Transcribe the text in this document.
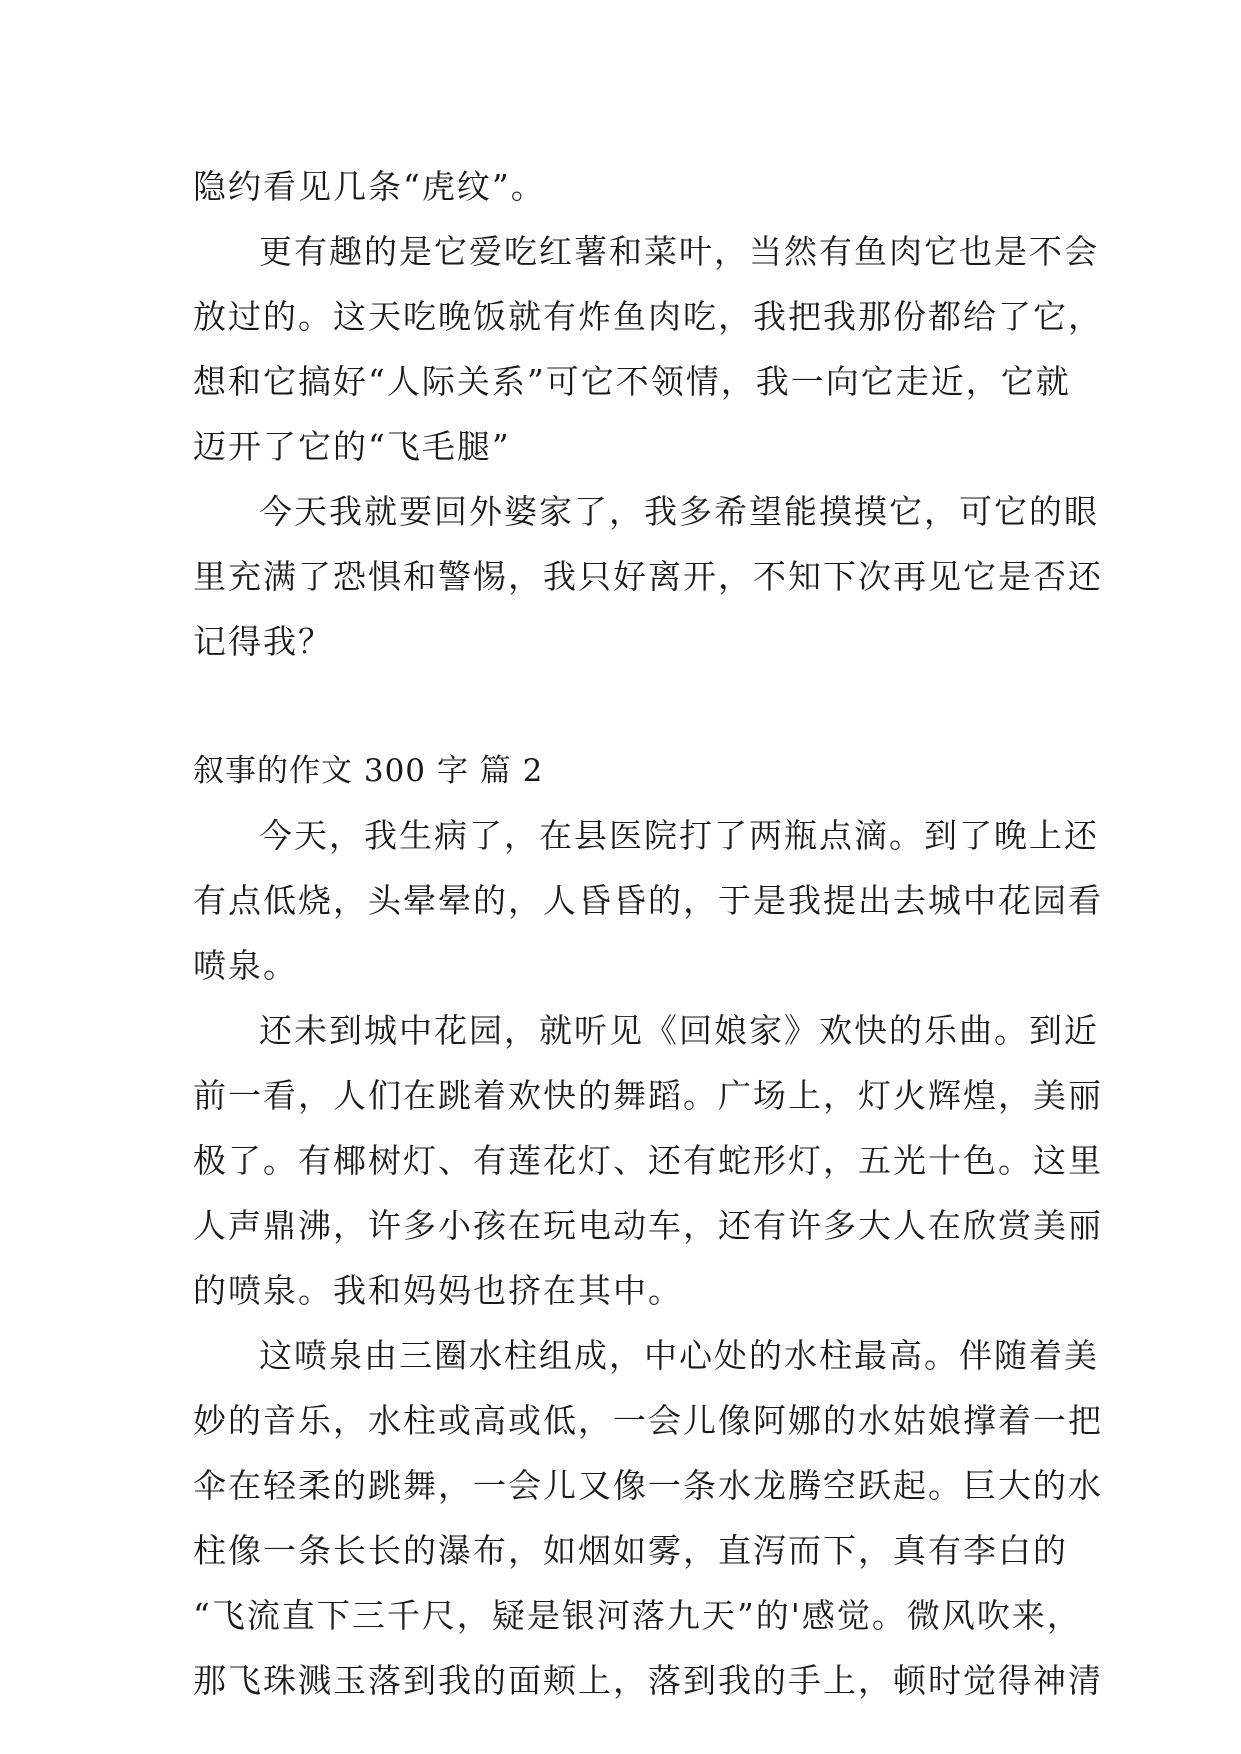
隐约看见几条“虎纹”。
更有趣的是它爱吃红薯和菜叶，当然有鱼肉它也是不会
放过的。这天吃晚饭就有炸鱼肉吃，我把我那份都给了它，
想和它搞好“人际关系”可它不领情，我一向它走近，它就
迈开了它的“飞毛腿”
今天我就要回外婆家了，我多希望能摸摸它，可它的眼
里充满了恐惧和警惕，我只好离开，不知下次再见它是否还
记得我？
叙事的作文 300 字 篇 2
今天，我生病了，在县医院打了两瓶点滴。到了晚上还
有点低烧，头晕晕的，人昏昏的，于是我提出去城中花园看
喷泉。
还未到城中花园，就听见《回娘家》欢快的乐曲。到近
前一看，人们在跳着欢快的舞蹈。广场上，灯火辉煌，美丽
极了。有椰树灯、有莲花灯、还有蛇形灯，五光十色。这里
人声鼎沸，许多小孩在玩电动车，还有许多大人在欣赏美丽
的喷泉。我和妈妈也挤在其中。
这喷泉由三圈水柱组成，中心处的水柱最高。伴随着美
妙的音乐，水柱或高或低，一会儿像阿娜的水姑娘撑着一把
伞在轻柔的跳舞，一会儿又像一条水龙腾空跃起。巨大的水
柱像一条长长的瀑布，如烟如雾，直泻而下，真有李白的
“飞流直下三千尺，疑是银河落九天”的'感觉。微风吹来，
那飞珠溅玉落到我的面颊上，落到我的手上，顿时觉得神清
